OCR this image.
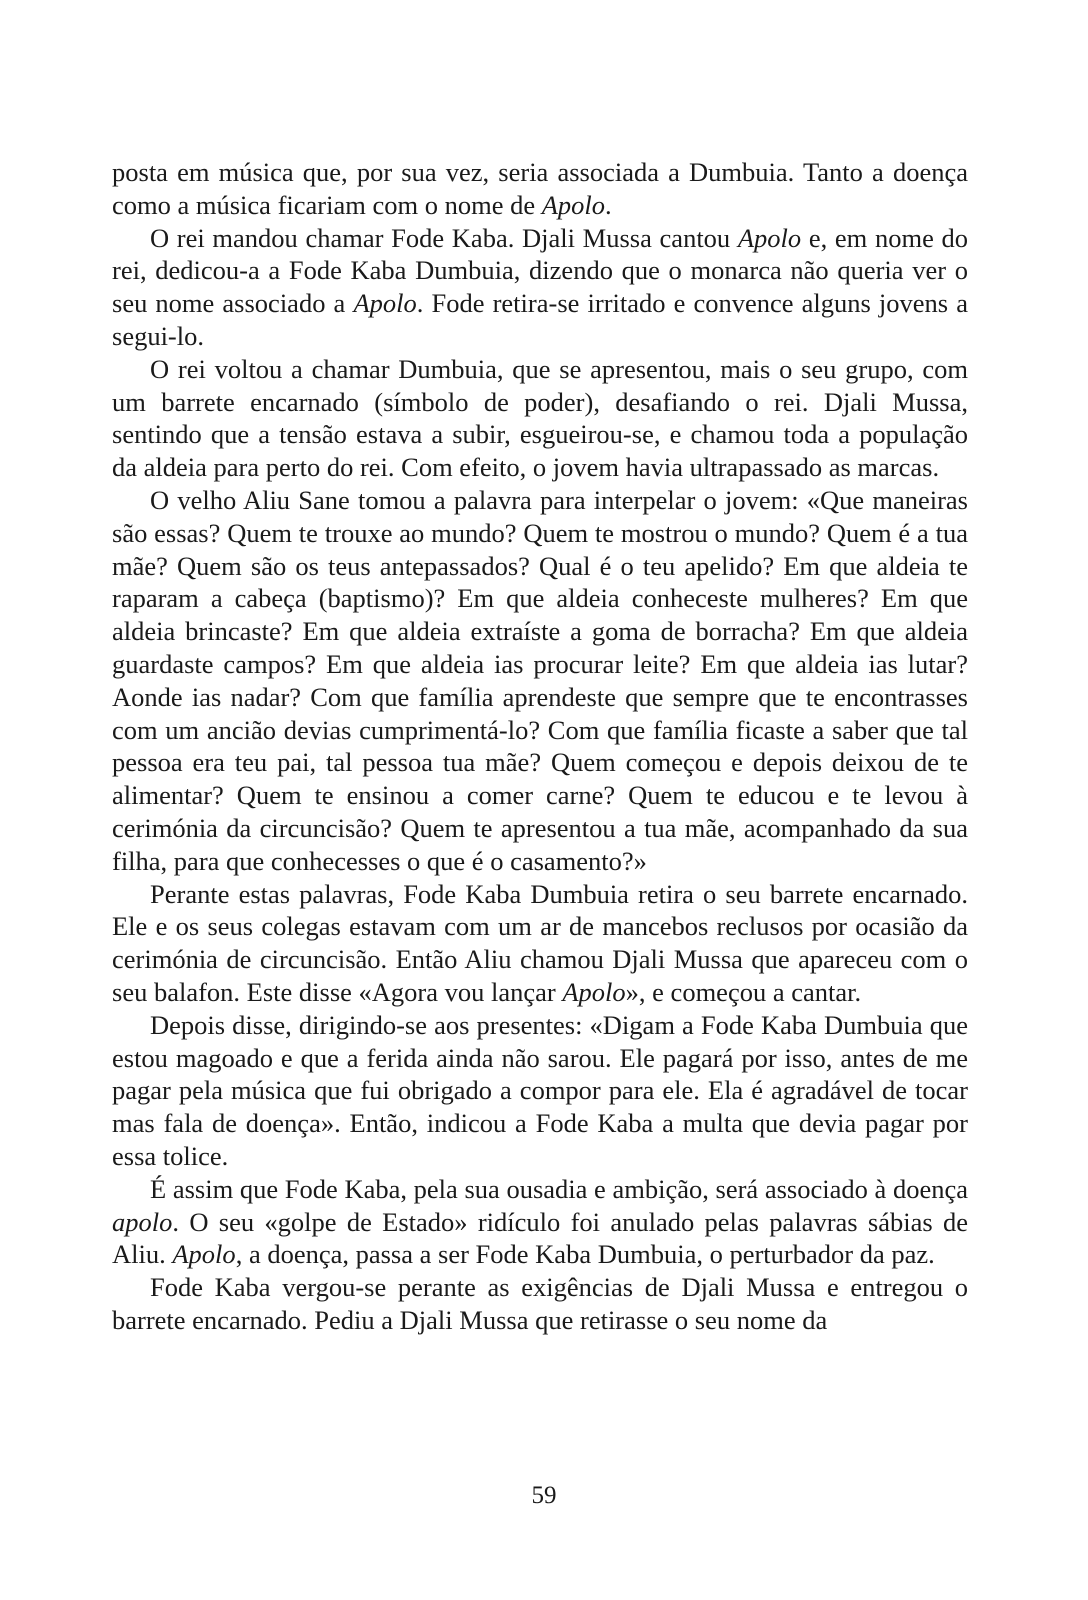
posta em música que, por sua vez, seria associada a Dumbuia. Tanto a doença como a música ficariam com o nome de Apolo.

O rei mandou chamar Fode Kaba. Djali Mussa cantou Apolo e, em nome do rei, dedicou-a a Fode Kaba Dumbuia, dizendo que o monarca não queria ver o seu nome associado a Apolo. Fode retira-se irritado e convence alguns jovens a segui-lo.

O rei voltou a chamar Dumbuia, que se apresentou, mais o seu grupo, com um barrete encarnado (símbolo de poder), desafiando o rei. Djali Mussa, sentindo que a tensão estava a subir, esgueirou-se, e chamou toda a população da aldeia para perto do rei. Com efeito, o jovem havia ultrapassado as marcas.

O velho Aliu Sane tomou a palavra para interpelar o jovem: «Que maneiras são essas? Quem te trouxe ao mundo? Quem te mostrou o mundo? Quem é a tua mãe? Quem são os teus antepassados? Qual é o teu apelido? Em que aldeia te raparam a cabeça (baptismo)? Em que aldeia conheceste mulheres? Em que aldeia brincaste? Em que aldeia extraíste a goma de borracha? Em que aldeia guardaste campos? Em que aldeia ias procurar leite? Em que aldeia ias lutar? Aonde ias nadar? Com que família aprendeste que sempre que te encontrasses com um ancião devias cumprimentá-lo? Com que família ficaste a saber que tal pessoa era teu pai, tal pessoa tua mãe? Quem começou e depois deixou de te alimentar? Quem te ensinou a comer carne? Quem te educou e te levou à cerimónia da circuncisão? Quem te apresentou a tua mãe, acompanhado da sua filha, para que conhecesses o que é o casamento?»

Perante estas palavras, Fode Kaba Dumbuia retira o seu barrete encarnado. Ele e os seus colegas estavam com um ar de mancebos reclusos por ocasião da cerimónia de circuncisão. Então Aliu chamou Djali Mussa que apareceu com o seu balafon. Este disse «Agora vou lançar Apolo», e começou a cantar.

Depois disse, dirigindo-se aos presentes: «Digam a Fode Kaba Dumbuia que estou magoado e que a ferida ainda não sarou. Ele pagará por isso, antes de me pagar pela música que fui obrigado a compor para ele. Ela é agradável de tocar mas fala de doença». Então, indicou a Fode Kaba a multa que devia pagar por essa tolice.

É assim que Fode Kaba, pela sua ousadia e ambição, será associado à doença apolo. O seu «golpe de Estado» ridículo foi anulado pelas palavras sábias de Aliu. Apolo, a doença, passa a ser Fode Kaba Dumbuia, o perturbador da paz.

Fode Kaba vergou-se perante as exigências de Djali Mussa e entregou o barrete encarnado. Pediu a Djali Mussa que retirasse o seu nome da

59
